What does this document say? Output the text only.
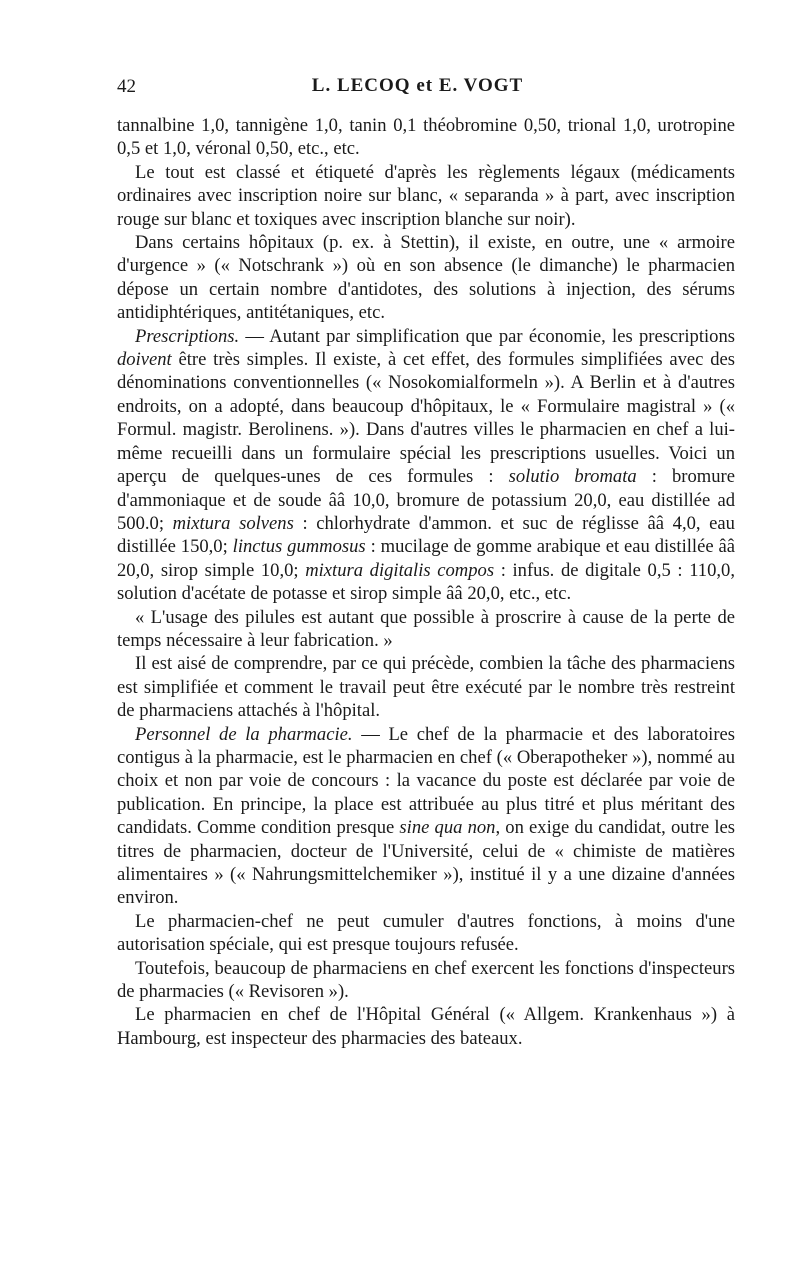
42	L. LECOQ et E. VOGT

tannalbine 1,0, tannigène 1,0, tanin 0,1 théobromine 0,50, trional 1,0, urotropine 0,5 et 1,0, véronal 0,50, etc., etc.

Le tout est classé et étiqueté d'après les règlements légaux (médicaments ordinaires avec inscription noire sur blanc, « separanda » à part, avec inscription rouge sur blanc et toxiques avec inscription blanche sur noir).

Dans certains hôpitaux (p. ex. à Stettin), il existe, en outre, une « armoire d'urgence » (« Notschrank ») où en son absence (le dimanche) le pharmacien dépose un certain nombre d'antidotes, des solutions à injection, des sérums antidiphtériques, antitétaniques, etc.

Prescriptions. — Autant par simplification que par économie, les prescriptions doivent être très simples. Il existe, à cet effet, des formules simplifiées avec des dénominations conventionnelles (« Nosokomialformeln »). A Berlin et à d'autres endroits, on a adopté, dans beaucoup d'hôpitaux, le « Formulaire magistral » (« Formul. magistr. Berolinens. »). Dans d'autres villes le pharmacien en chef a lui-même recueilli dans un formulaire spécial les prescriptions usuelles. Voici un aperçu de quelques-unes de ces formules : solutio bromata : bromure d'ammoniaque et de soude ââ 10,0, bromure de potassium 20,0, eau distillée ad 500.0; mixtura solvens : chlorhydrate d'ammon. et suc de réglisse ââ 4,0, eau distillée 150,0; linctus gummosus : mucilage de gomme arabique et eau distillée ââ 20,0, sirop simple 10,0; mixtura digitalis compos : infus. de digitale 0,5 : 110,0, solution d'acétate de potasse et sirop simple ââ 20,0, etc., etc.

« L'usage des pilules est autant que possible à proscrire à cause de la perte de temps nécessaire à leur fabrication. »

Il est aisé de comprendre, par ce qui précède, combien la tâche des pharmaciens est simplifiée et comment le travail peut être exécuté par le nombre très restreint de pharmaciens attachés à l'hôpital.

Personnel de la pharmacie. — Le chef de la pharmacie et des laboratoires contigus à la pharmacie, est le pharmacien en chef (« Oberapotheker »), nommé au choix et non par voie de concours : la vacance du poste est déclarée par voie de publication. En principe, la place est attribuée au plus titré et plus méritant des candidats. Comme condition presque sine qua non, on exige du candidat, outre les titres de pharmacien, docteur de l'Université, celui de « chimiste de matières alimentaires » (« Nahrungsmittelchemiker »), institué il y a une dizaine d'années environ.

Le pharmacien-chef ne peut cumuler d'autres fonctions, à moins d'une autorisation spéciale, qui est presque toujours refusée.

Toutefois, beaucoup de pharmaciens en chef exercent les fonctions d'inspecteurs de pharmacies (« Revisoren »).

Le pharmacien en chef de l'Hôpital Général (« Allgem. Krankenhaus ») à Hambourg, est inspecteur des pharmacies des bateaux.
